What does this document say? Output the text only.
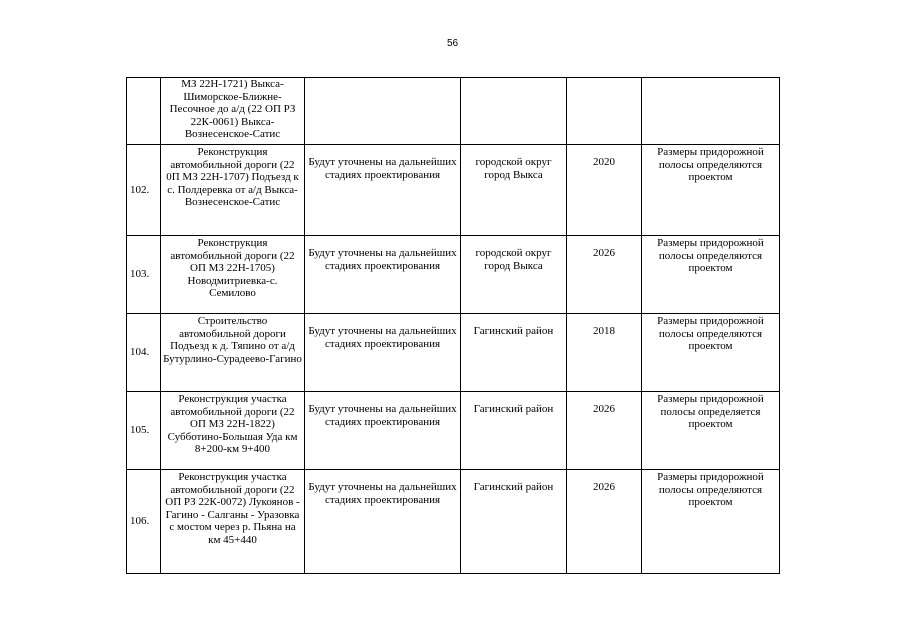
56
	МЗ 22Н-1721) Выкса-Шиморское-Ближне-Песочное до а/д (22 ОП РЗ 22К-0061) Выкса-Вознесенское-Сатис				
102.	Реконструкция автомобильной дороги (22 0П МЗ 22Н-1707) Подъезд к с. Полдеревка от а/д Выкса-Вознесенское-Сатис	Будут уточнены на дальнейших стадиях проектирования	городской округ город Выкса	2020	Размеры придорожной полосы определяются проектом
103.	Реконструкция автомобильной дороги (22 ОП МЗ 22Н-1705) Новодмитриевка-с. Семилово	Будут уточнены на дальнейших стадиях проектирования	городской округ город Выкса	2026	Размеры придорожной полосы определяются проектом
104.	Строительство автомобильной дороги Подъезд к д. Тяпино от а/д Бутурлино-Сурадеево-Гагино	Будут уточнены на дальнейших стадиях проектирования	Гагинский район	2018	Размеры придорожной полосы определяются проектом
105.	Реконструкция участка автомобильной дороги (22 ОП МЗ 22Н-1822) Субботино-Большая Уда км 8+200-км 9+400	Будут уточнены на дальнейших стадиях проектирования	Гагинский район	2026	Размеры придорожной полосы определяется проектом
106.	Реконструкция участка автомобильной дороги (22 ОП РЗ 22К-0072) Лукоянов - Гагино - Салганы - Уразовка с мостом через р. Пьяна на км 45+440	Будут уточнены на дальнейших стадиях проектирования	Гагинский район	2026	Размеры придорожной полосы определяются проектом
